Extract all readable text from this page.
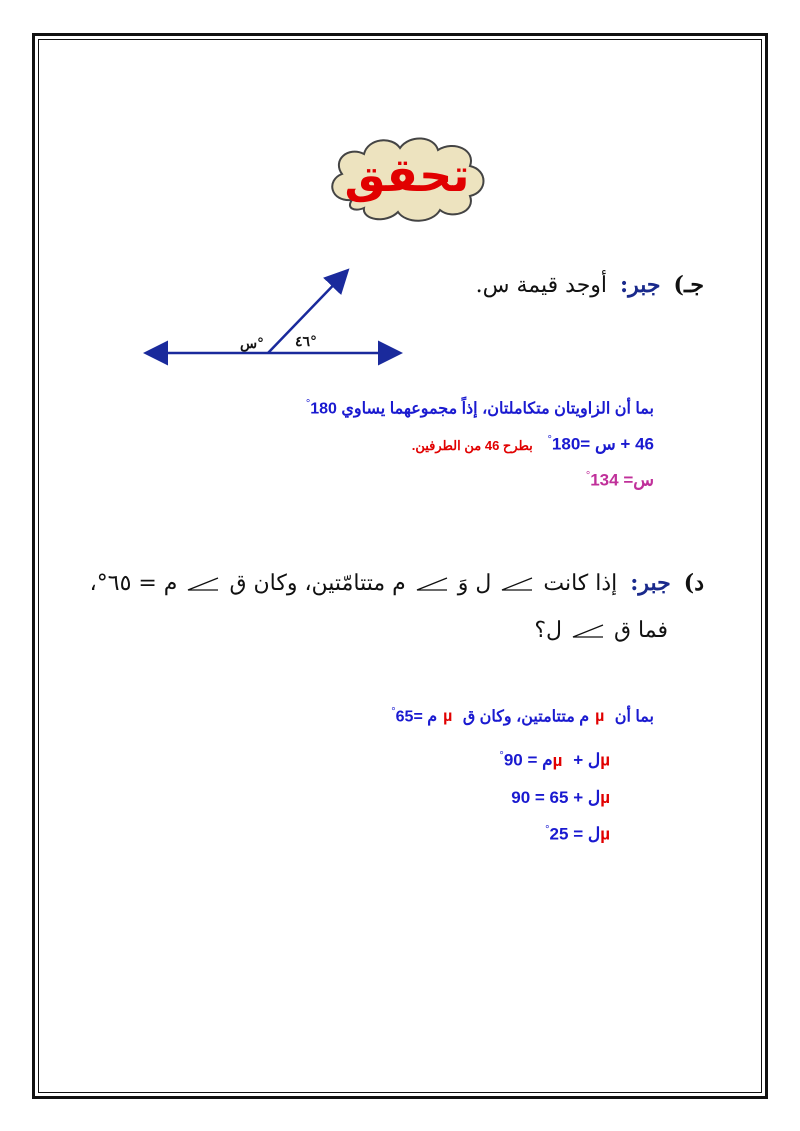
تحقق
جـ) جبر: أوجد قيمة س.
س° ٤٦°
بما أن الزاويتان متكاملتان، إذاً مجموعهما يساوي 180°
46 + س =180° بطرح 46 من الطرفين.
س= 134°
د) جبر: إذا كانت  ل وَ  م متتامّتين، وكان ق  م = ٦٥°،
فما ق  ل؟
بما أن µم متتامتين، وكان ق µم =65°
µل + µم = 90°
µل + 65 = 90
µل = 25°
